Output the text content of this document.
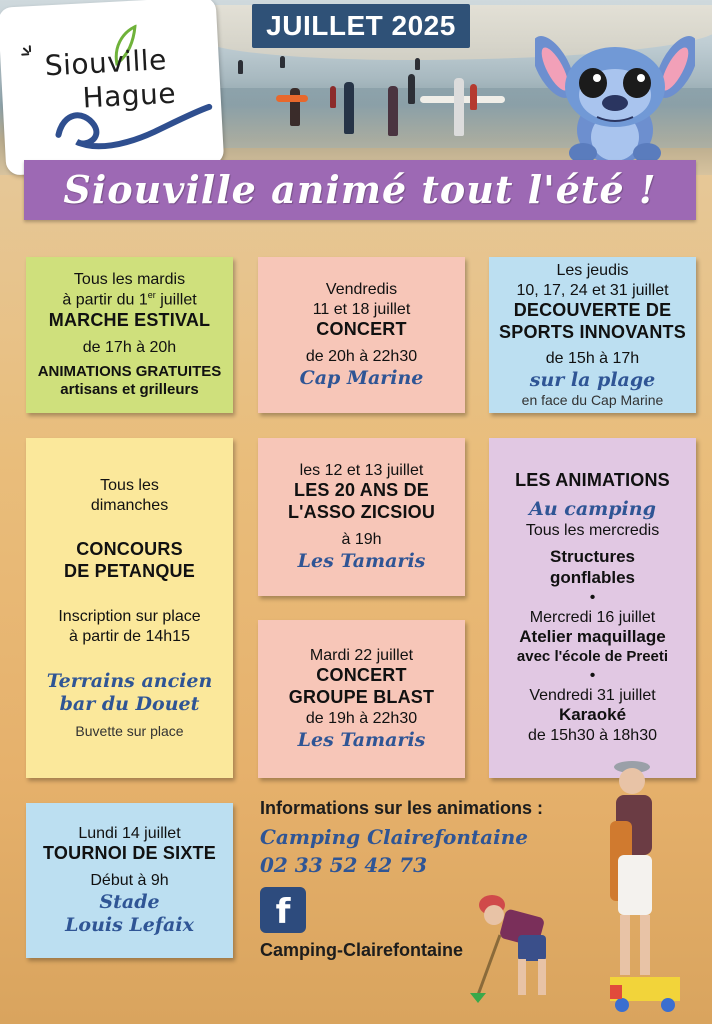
Siouville
Hague
JUILLET 2025
Siouville animé tout l'été !
Tous les mardis
à partir du 1er juillet
MARCHE ESTIVAL
de 17h à 20h
ANIMATIONS GRATUITES
artisans et grilleurs
Vendredis
11 et 18 juillet
CONCERT
de 20h à 22h30
Cap Marine
Les jeudis
10, 17, 24 et 31 juillet
DECOUVERTE DE
SPORTS INNOVANTS
de 15h à 17h
sur la plage
en face du Cap Marine
Tous les
dimanches
CONCOURS
DE PETANQUE
Inscription sur place
à partir de 14h15
Terrains ancien
bar du Douet
Buvette sur place
les 12 et 13 juillet
LES 20 ANS DE
L'ASSO ZICSIOU
à 19h
Les Tamaris
Mardi 22 juillet
CONCERT
GROUPE BLAST
de 19h à 22h30
Les Tamaris
LES ANIMATIONS
Au camping
Tous les mercredis
Structures
gonflables
•
Mercredi 16 juillet
Atelier maquillage
avec l'école de Preeti
•
Vendredi 31 juillet
Karaoké
de 15h30 à 18h30
Lundi 14 juillet
TOURNOI DE SIXTE
Début à 9h
Stade
Louis Lefaix
Informations sur les animations :
Camping Clairefontaine
02 33 52 42 73
f
Camping-Clairefontaine
